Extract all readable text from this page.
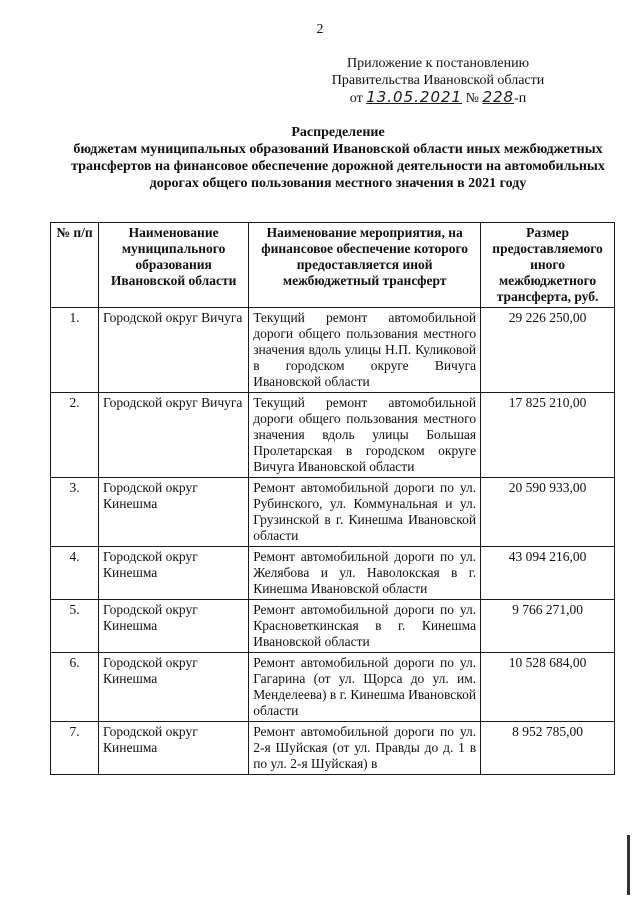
2
Приложение к постановлению
Правительства Ивановской области
от 13.05.2021 № 228-п
Распределение
бюджетам муниципальных образований Ивановской области иных межбюджетных трансфертов на финансовое обеспечение дорожной деятельности на автомобильных дорогах общего пользования местного значения в 2021 году
№ п/п	Наименование муниципального образования Ивановской области	Наименование мероприятия, на финансовое обеспечение которого предоставляется иной межбюджетный трансферт	Размер предоставляемого иного межбюджетного трансферта, руб.
1.	Городской округ Вичуга	Текущий ремонт автомобильной дороги общего пользования местного значения вдоль улицы Н.П. Куликовой в городском округе Вичуга Ивановской области	29 226 250,00
2.	Городской округ Вичуга	Текущий ремонт автомобильной дороги общего пользования местного значения вдоль улицы Большая Пролетарская в городском округе Вичуга Ивановской области	17 825 210,00
3.	Городской округ Кинешма	Ремонт автомобильной дороги по ул. Рубинского, ул. Коммунальная и ул. Грузинской в г. Кинешма Ивановской области	20 590 933,00
4.	Городской округ Кинешма	Ремонт автомобильной дороги по ул. Желябова и ул. Наволокская в г. Кинешма Ивановской области	43 094 216,00
5.	Городской округ Кинешма	Ремонт автомобильной дороги по ул. Красноветкинская в г. Кинешма Ивановской области	9 766 271,00
6.	Городской округ Кинешма	Ремонт автомобильной дороги по ул. Гагарина (от ул. Щорса до ул. им. Менделеева) в г. Кинешма Ивановской области	10 528 684,00
7.	Городской округ Кинешма	Ремонт автомобильной дороги по ул. 2-я Шуйская (от ул. Правды до д. 1 в по ул. 2-я Шуйская) в	8 952 785,00
